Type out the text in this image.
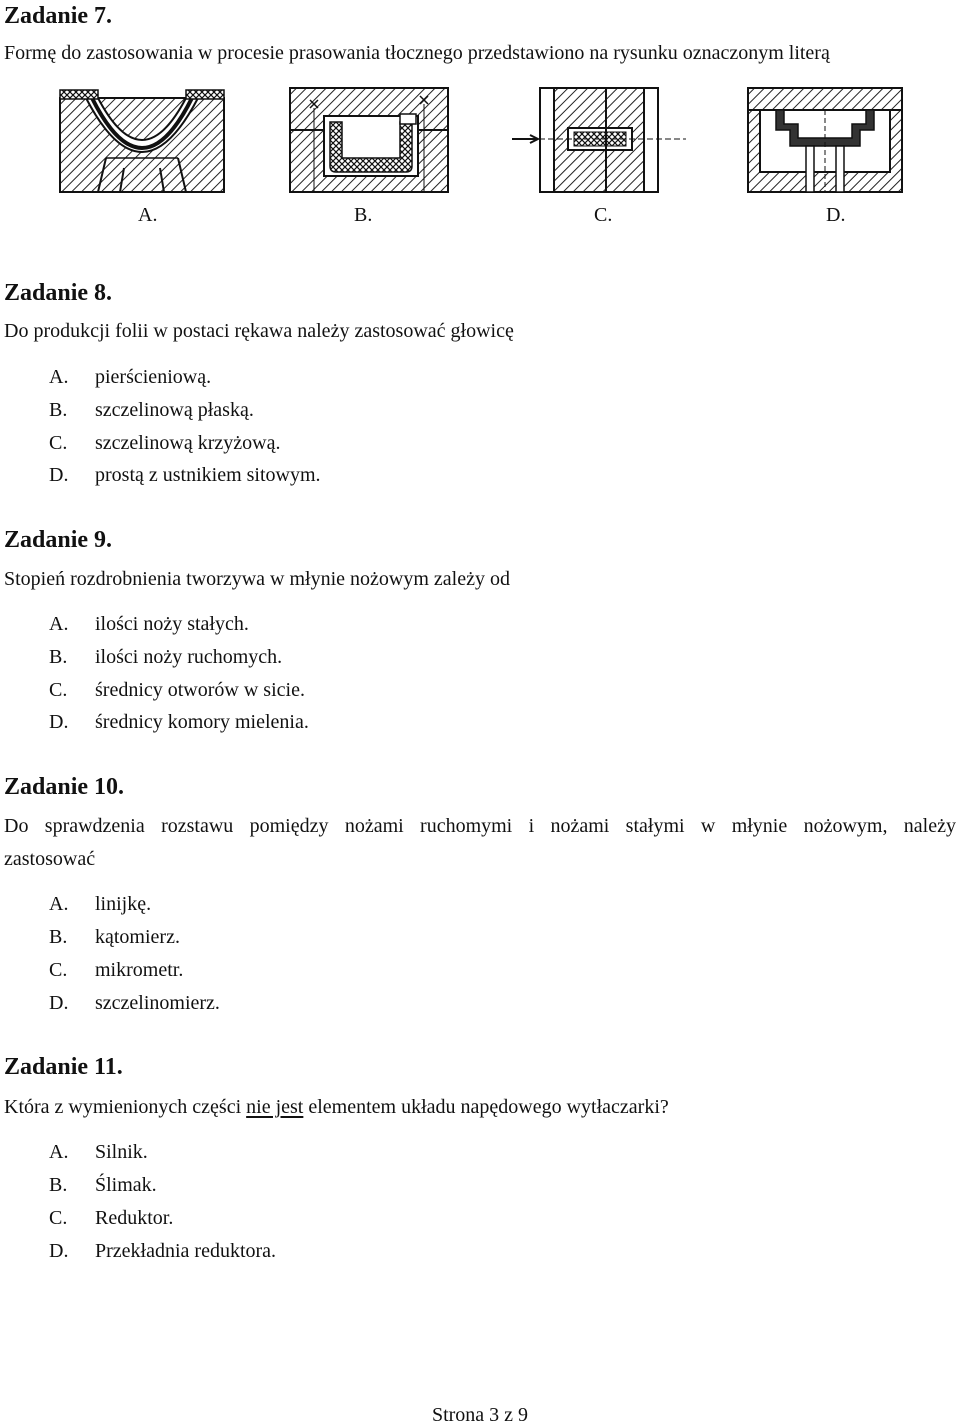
Zadanie 7.
Formę do zastosowania w procesie prasowania tłocznego przedstawiono na rysunku oznaczonym literą
A.	B.	C.	D.
Zadanie 8.
Do produkcji folii w postaci rękawa należy zastosować głowicę
A. pierścieniową.
B. szczelinową płaską.
C. szczelinową krzyżową.
D. prostą z ustnikiem sitowym.
Zadanie 9.
Stopień rozdrobnienia tworzywa w młynie nożowym zależy od
A. ilości noży stałych.
B. ilości noży ruchomych.
C. średnicy otworów w sicie.
D. średnicy komory mielenia.
Zadanie 10.
Do sprawdzenia rozstawu pomiędzy nożami ruchomymi i nożami stałymi w młynie nożowym, należy
zastosować
A. linijkę.
B. kątomierz.
C. mikrometr.
D. szczelinomierz.
Zadanie 11.
Która z wymienionych części nie jest elementem układu napędowego wytłaczarki?
A. Silnik.
B. Ślimak.
C. Reduktor.
D. Przekładnia reduktora.
Strona 3 z 9
